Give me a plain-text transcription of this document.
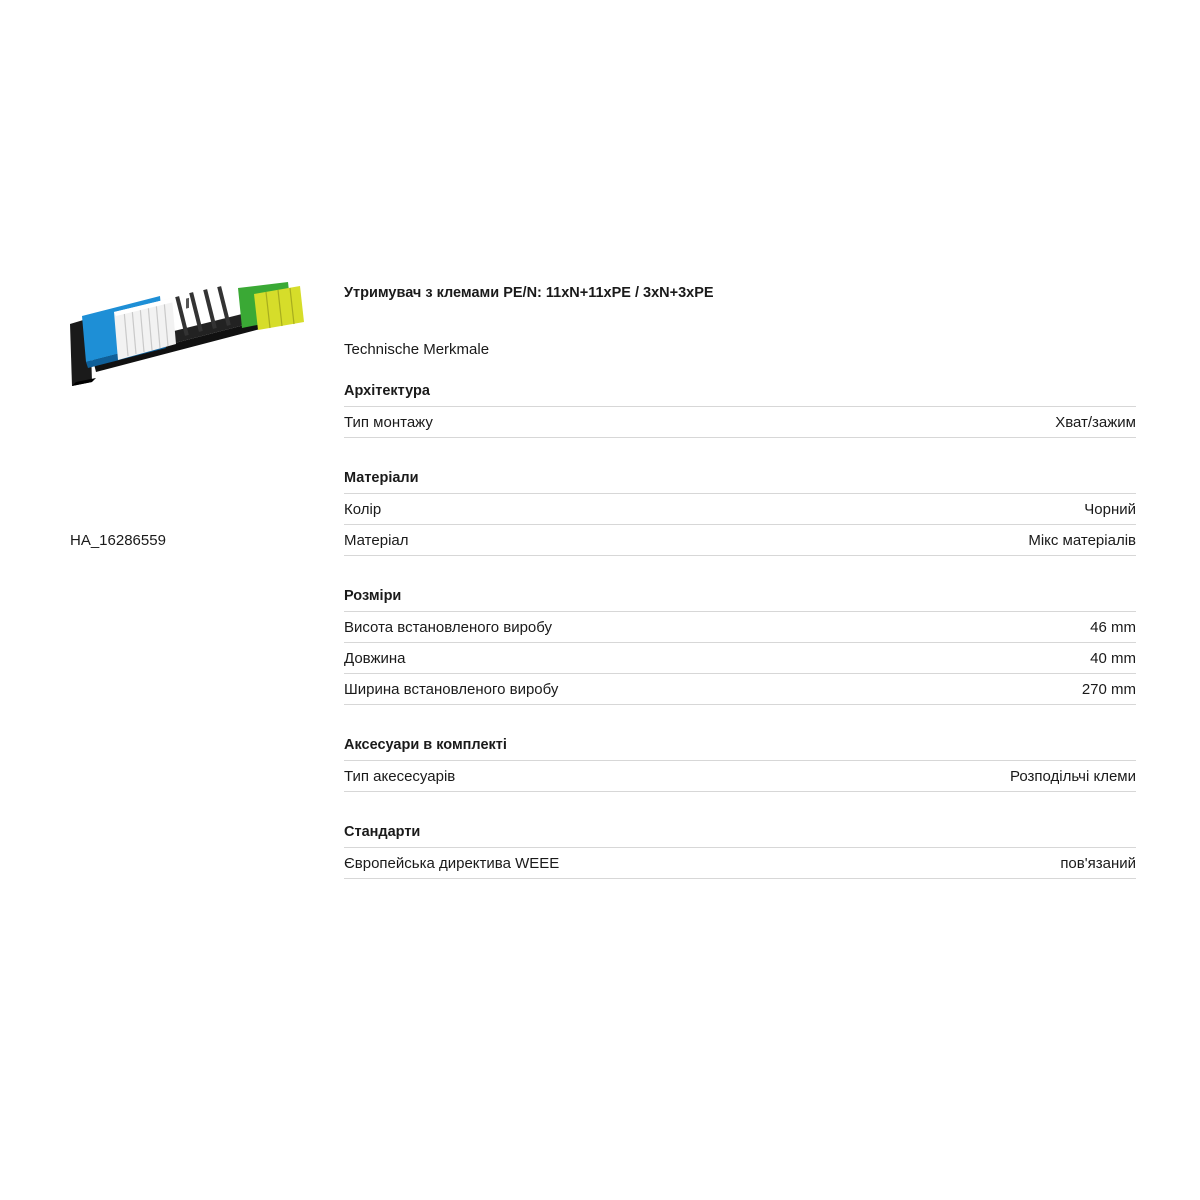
HA_16286559
Утримувач з клемами PE/N: 11xN+11xPE / 3xN+3xPE
Technische Merkmale
Архітектура
Тип монтажу	Хват/зажим
Матеріали
Колір	Чорний
Матеріал	Мікс матеріалів
Розміри
Висота встановленого виробу	46 mm
Довжина	40 mm
Ширина встановленого виробу	270 mm
Аксесуари в комплекті
Тип акесесуарів	Розподільчі клеми
Стандарти
Європейська директива WEEE	пов'язаний
